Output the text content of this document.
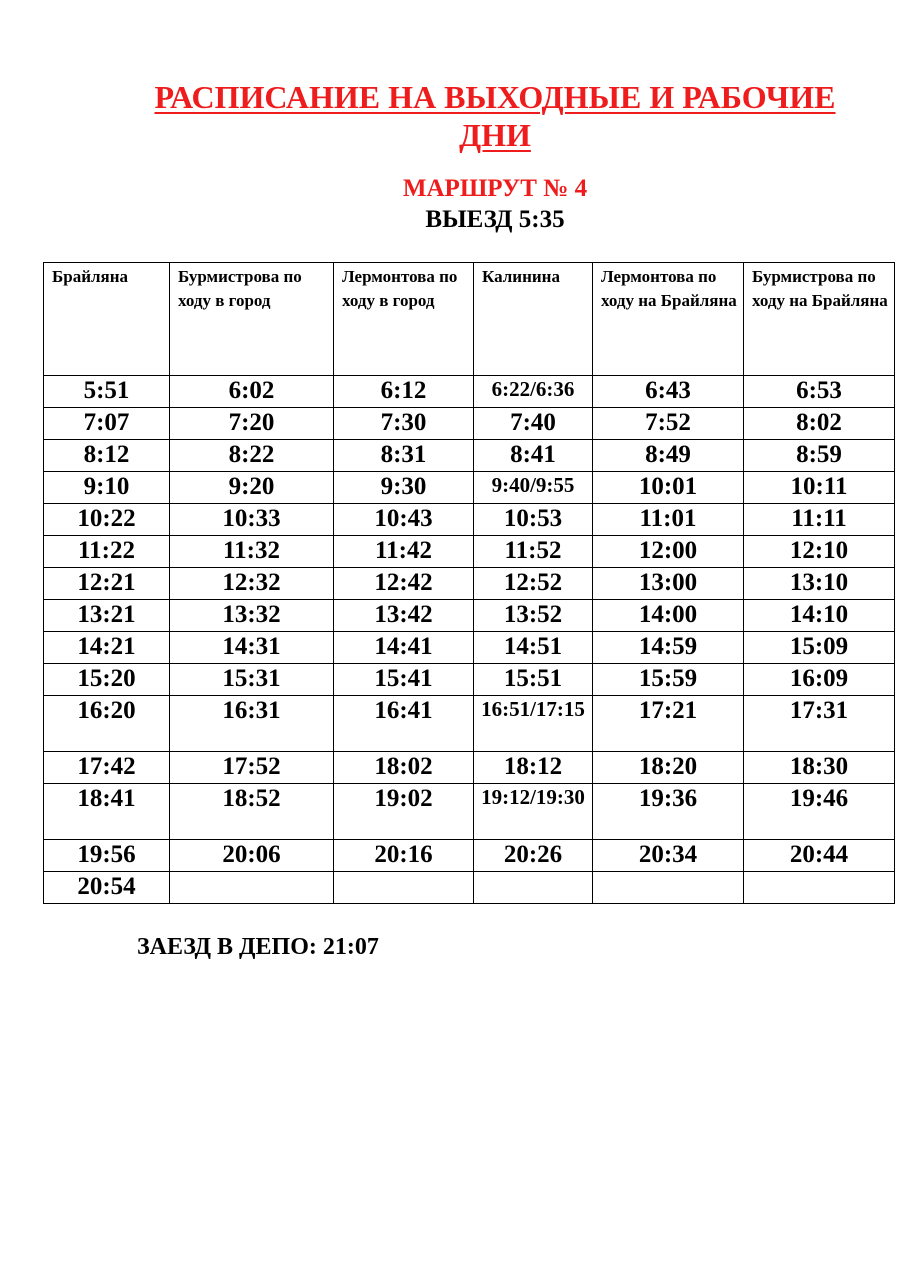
РАСПИСАНИЕ НА ВЫХОДНЫЕ И РАБОЧИЕ
ДНИ
МАРШРУТ № 4
ВЫЕЗД 5:35
Брайляна	Бурмистрова по ходу в город	Лермонтова по ходу в город	Калинина	Лермонтова по ходу на Брайляна	Бурмистрова по ходу на Брайляна
5:51	6:02	6:12	6:22/6:36	6:43	6:53
7:07	7:20	7:30	7:40	7:52	8:02
8:12	8:22	8:31	8:41	8:49	8:59
9:10	9:20	9:30	9:40/9:55	10:01	10:11
10:22	10:33	10:43	10:53	11:01	11:11
11:22	11:32	11:42	11:52	12:00	12:10
12:21	12:32	12:42	12:52	13:00	13:10
13:21	13:32	13:42	13:52	14:00	14:10
14:21	14:31	14:41	14:51	14:59	15:09
15:20	15:31	15:41	15:51	15:59	16:09
16:20	16:31	16:41	16:51/17:15	17:21	17:31
17:42	17:52	18:02	18:12	18:20	18:30
18:41	18:52	19:02	19:12/19:30	19:36	19:46
19:56	20:06	20:16	20:26	20:34	20:44
20:54					
ЗАЕЗД В ДЕПО: 21:07
